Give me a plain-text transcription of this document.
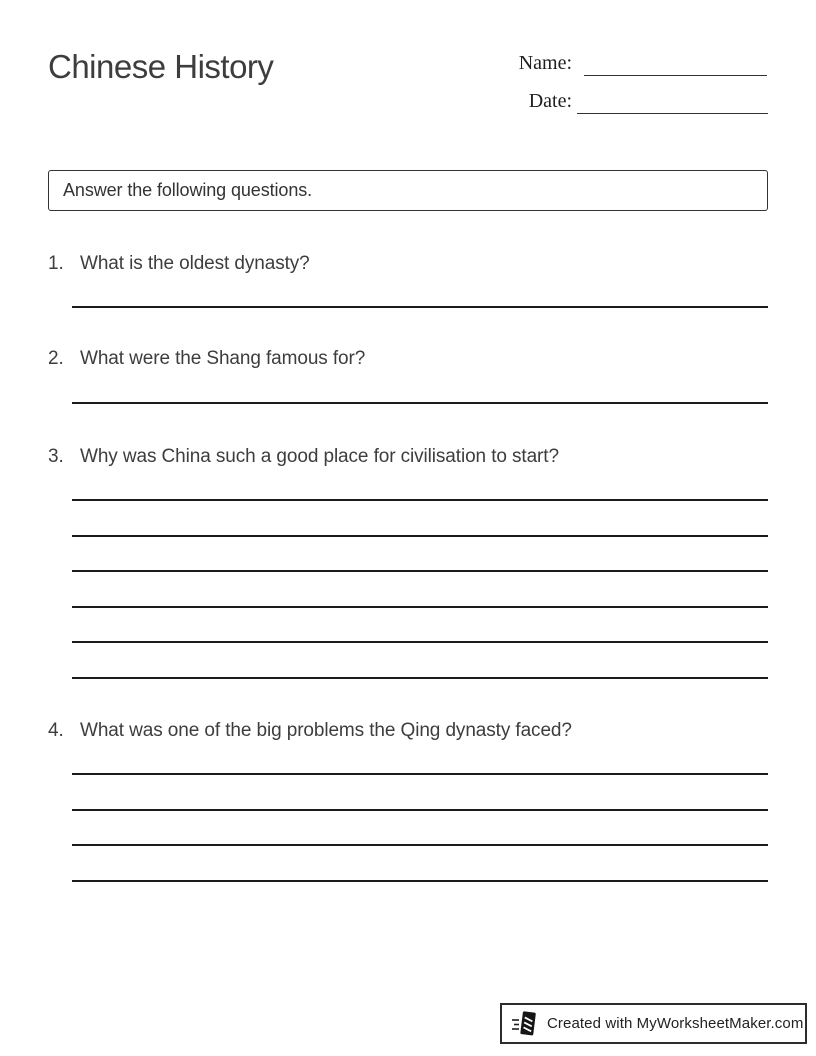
Chinese History	Name:
Date:
Answer the following questions.
1. What is the oldest dynasty?
2. What were the Shang famous for?
3. Why was China such a good place for civilisation to start?
4. What was one of the big problems the Qing dynasty faced?
Created with MyWorksheetMaker.com
